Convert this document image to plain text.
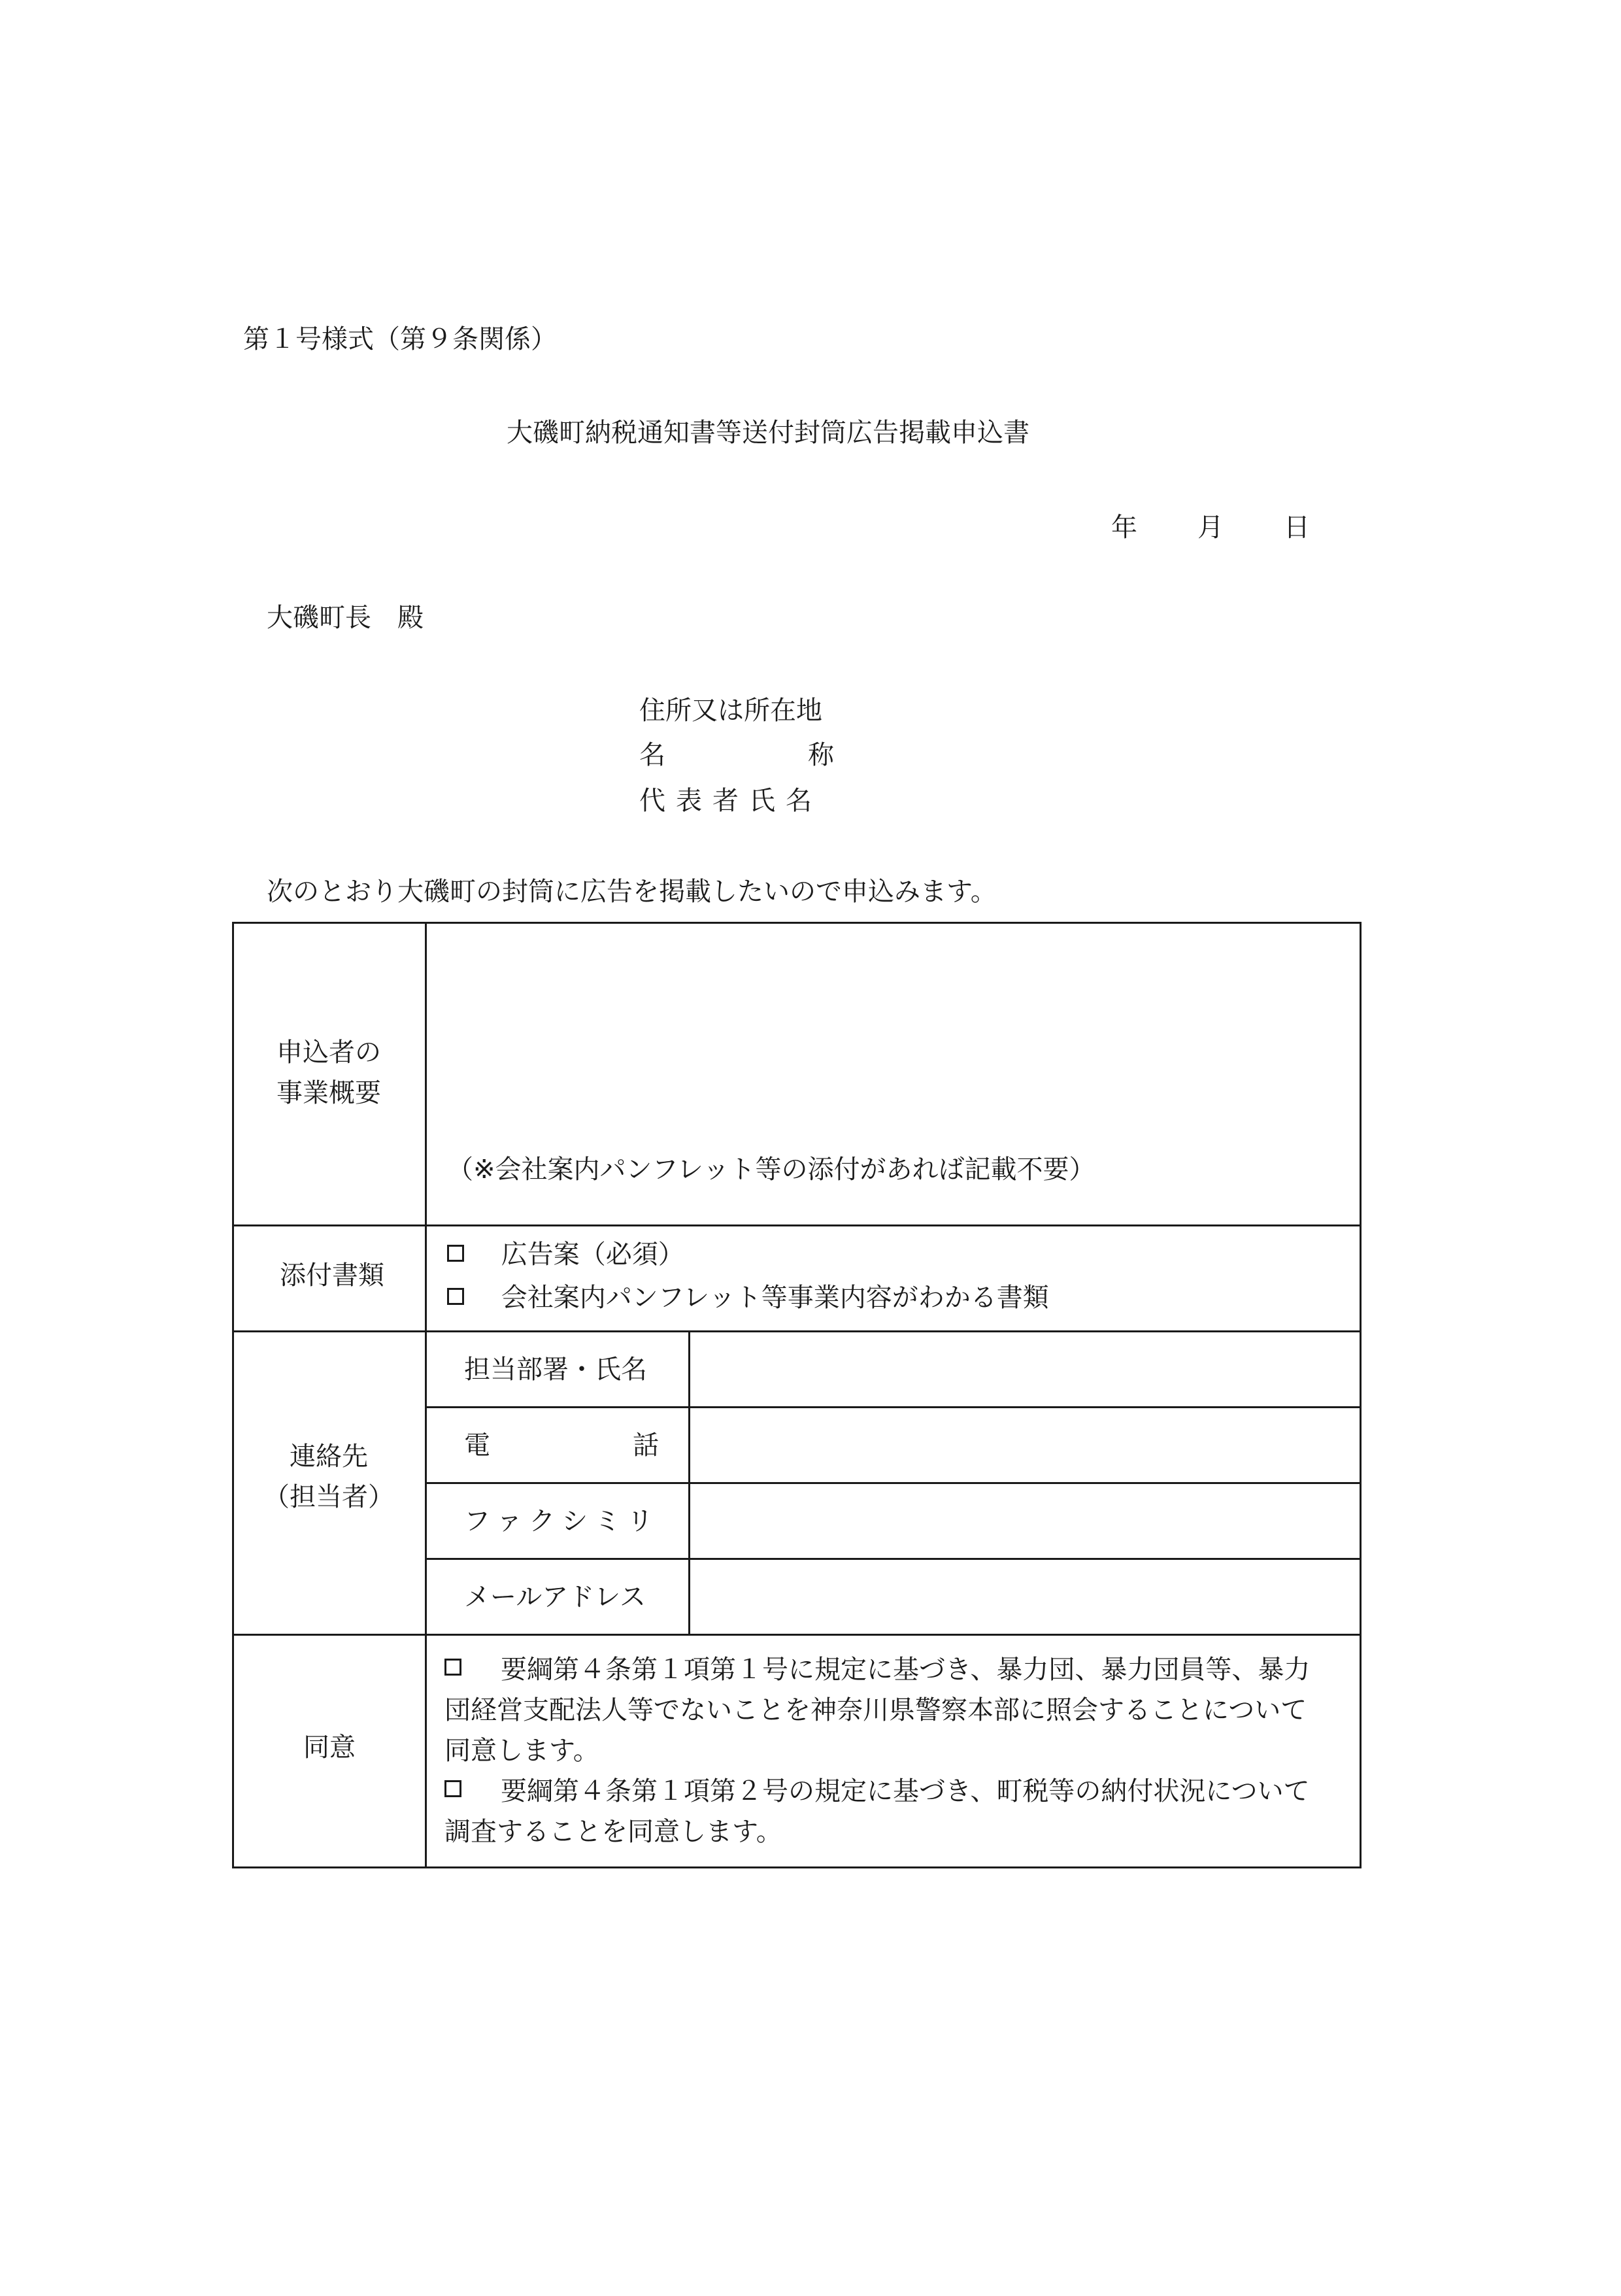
第１号様式（第９条関係）
大磯町納税通知書等送付封筒広告掲載申込書
年 月 日
大磯町長　殿
住所又は所在地
名	称
代表者氏名
次のとおり大磯町の封筒に広告を掲載したいので申込みます。
申込者の
事業概要
（※会社案内パンフレット等の添付があれば記載不要）
添付書類
広告案（必須）
会社案内パンフレット等事業内容がわかる書類
連絡先
（担当者）
担当部署・氏名
電	話
ファクシミリ
メールアドレス
同意
要綱第４条第１項第１号に規定に基づき、暴力団、暴力団員等、暴力団経営支配法人等でないことを神奈川県警察本部に照会することについて同意します。
要綱第４条第１項第２号の規定に基づき、町税等の納付状況について調査することを同意します。
